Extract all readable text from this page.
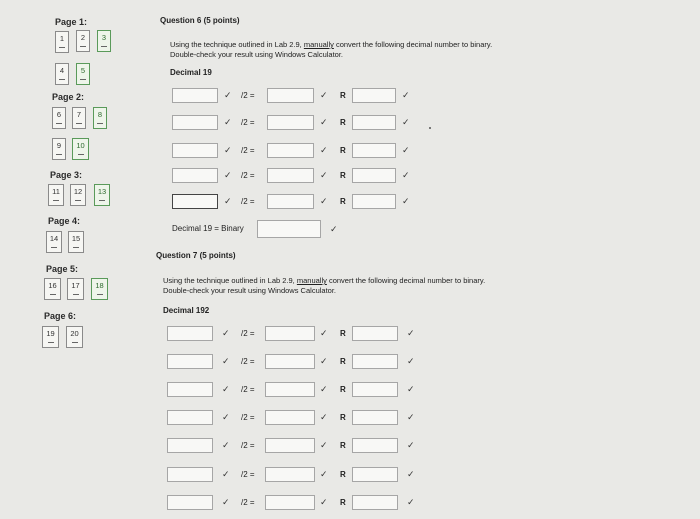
Page 1:
1	2	3
4	5
Page 2:
6	7	8
9	10
Page 3:
11	12	13
Page 4:
14	15
Page 5:
16	17	18
Page 6:
19	20
Question 6 (5 points)
Using the technique outlined in Lab 2.9, manually convert the following decimal number to binary. Double-check your result using Windows Calculator.
Decimal 19
✓ /2 =	✓ R	✓
✓ /2 =	✓ R	✓
✓ /2 =	✓ R	✓
✓ /2 =	✓ R	✓
✓ /2 =	✓ R	✓
Decimal 19 = Binary	✓
Question 7 (5 points)
Using the technique outlined in Lab 2.9, manually convert the following decimal number to binary. Double-check your result using Windows Calculator.
Decimal 192
✓ /2 =	✓ R	✓
✓ /2 =	✓ R	✓
✓ /2 =	✓ R	✓
✓ /2 =	✓ R	✓
✓ /2 =	✓ R	✓
✓ /2 =	✓ R	✓
✓ /2 =	✓ R	✓
